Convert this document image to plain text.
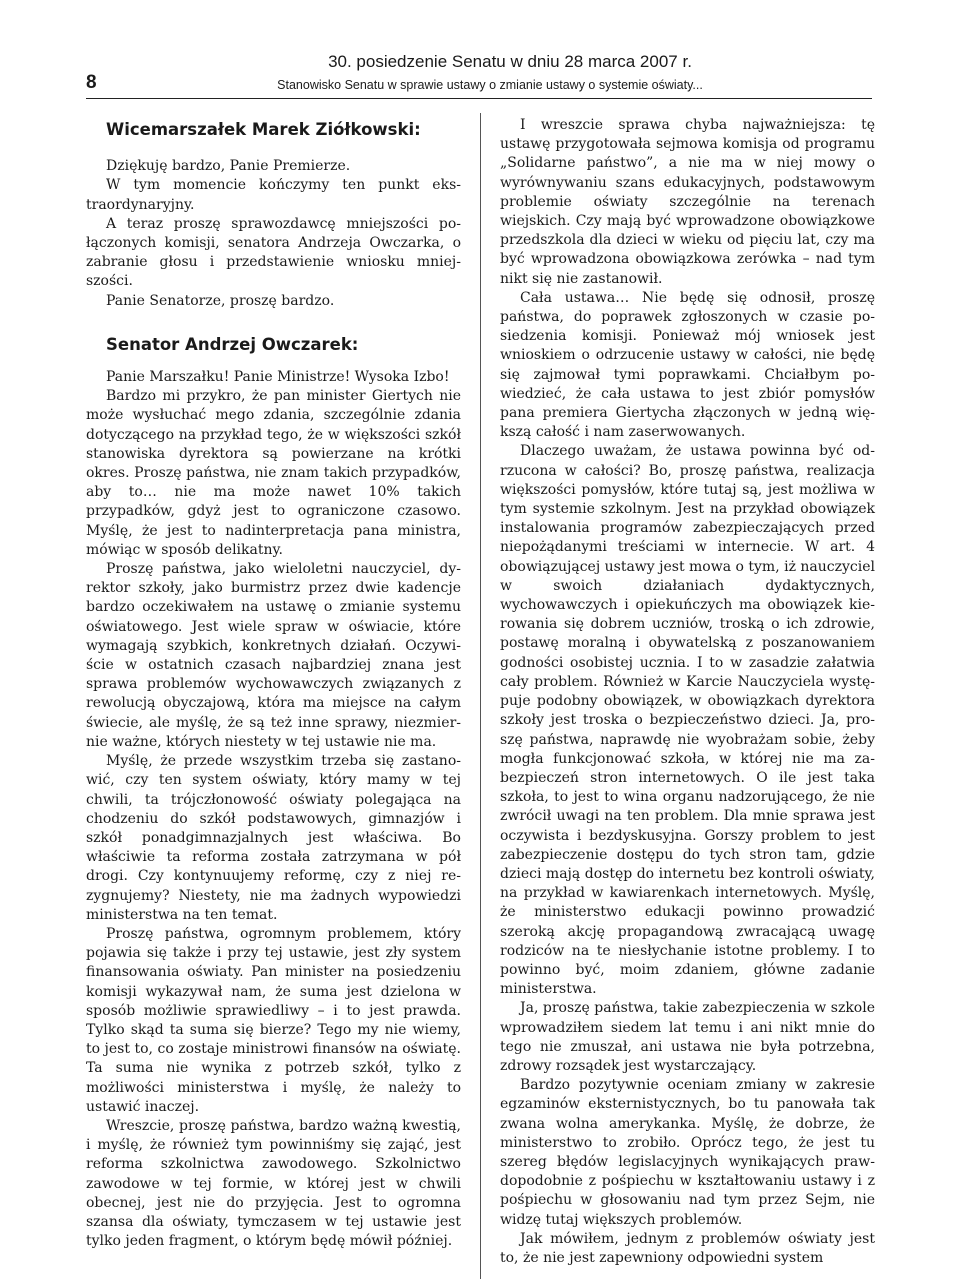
8
30. posiedzenie Senatu w dniu 28 marca 2007 r.
Stanowisko Senatu w sprawie ustawy o zmianie ustawy o systemie oświaty...
Wicemarszałek Marek Ziółkowski:

Dziękuję bardzo, Panie Premierze.

W tym momencie kończymy ten punkt ekstraordynaryjny.

A teraz proszę sprawozdawcę mniejszości połączonych komisji, senatora Andrzeja Owczarka, o zabranie głosu i przedstawienie wniosku mniejszości.

Panie Senatorze, proszę bardzo.

Senator Andrzej Owczarek:

Panie Marszałku! Panie Ministrze! Wysoka Izbo!

Bardzo mi przykro, że pan minister Giertych nie może wysłuchać mego zdania, szczególnie zdania dotyczącego na przykład tego, że w większości szkół stanowiska dyrektora są powierzane na krótki okres. Proszę państwa, nie znam takich przypadków, aby to… nie ma może nawet 10% takich przypadków, gdyż jest to ograniczone czasowo. Myślę, że jest to nadinterpretacja pana ministra, mówiąc w sposób delikatny.

Proszę państwa, jako wieloletni nauczyciel, dyrektor szkoły, jako burmistrz przez dwie kadencje bardzo oczekiwałem na ustawę o zmianie systemu oświatowego. Jest wiele spraw w oświacie, które wymagają szybkich, konkretnych działań. Oczywiście w ostatnich czasach najbardziej znana jest sprawa problemów wychowawczych związanych z rewolucją obyczajową, która ma miejsce na całym świecie, ale myślę, że są też inne sprawy, niezmiernie ważne, których niestety w tej ustawie nie ma.

Myślę, że przede wszystkim trzeba się zastanowić, czy ten system oświaty, który mamy w tej chwili, ta trójczłonowość oświaty polegająca na chodzeniu do szkół podstawowych, gimnazjów i szkół ponadgimnazjalnych jest właściwa. Bo właściwie ta reforma została zatrzymana w pół drogi. Czy kontynuujemy reformę, czy z niej rezygnujemy? Niestety, nie ma żadnych wypowiedzi ministerstwa na ten temat.

Proszę państwa, ogromnym problemem, który pojawia się także i przy tej ustawie, jest zły system finansowania oświaty. Pan minister na posiedzeniu komisji wykazywał nam, że suma jest dzielona w sposób możliwie sprawiedliwy – i to jest prawda. Tylko skąd ta suma się bierze? Tego my nie wiemy, to jest to, co zostaje ministrowi finansów na oświatę. Ta suma nie wynika z potrzeb szkół, tylko z możliwości ministerstwa i myślę, że należy to ustawić inaczej.

Wreszcie, proszę państwa, bardzo ważną kwestią, i myślę, że również tym powinniśmy się zająć, jest reforma szkolnictwa zawodowego. Szkolnictwo zawodowe w tej formie, w której jest w chwili obecnej, jest nie do przyjęcia. Jest to ogromna szansa dla oświaty, tymczasem w tej ustawie jest tylko jeden fragment, o którym będę mówił później.

I wreszcie sprawa chyba najważniejsza: tę ustawę przygotowała sejmowa komisja od programu „Solidarne państwo”, a nie ma w niej mowy o wyrównywaniu szans edukacyjnych, podstawowym problemie oświaty szczególnie na terenach wiejskich. Czy mają być wprowadzone obowiązkowe przedszkola dla dzieci w wieku od pięciu lat, czy ma być wprowadzona obowiązkowa zerówka – nad tym nikt się nie zastanowił.

Cała ustawa… Nie będę się odnosił, proszę państwa, do poprawek zgłoszonych w czasie posiedzenia komisji. Ponieważ mój wniosek jest wnioskiem o odrzucenie ustawy w całości, nie będę się zajmował tymi poprawkami. Chciałbym powiedzieć, że cała ustawa to jest zbiór pomysłów pana premiera Giertycha złączonych w jedną większą całość i nam zaserwowanych.

Dlaczego uważam, że ustawa powinna być odrzucona w całości? Bo, proszę państwa, realizacja większości pomysłów, które tutaj są, jest możliwa w tym systemie szkolnym. Jest na przykład obowiązek instalowania programów zabezpieczających przed niepożądanymi treściami w internecie. W art. 4 obowiązującej ustawy jest mowa o tym, iż nauczyciel w swoich działaniach dydaktycznych, wychowawczych i opiekuńczych ma obowiązek kierowania się dobrem uczniów, troską o ich zdrowie, postawę moralną i obywatelską z poszanowaniem godności osobistej ucznia. I to w zasadzie załatwia cały problem. Również w Karcie Nauczyciela występuje podobny obowiązek, w obowiązkach dyrektora szkoły jest troska o bezpieczeństwo dzieci. Ja, proszę państwa, naprawdę nie wyobrażam sobie, żeby mogła funkcjonować szkoła, w której nie ma zabezpieczeń stron internetowych. O ile jest taka szkoła, to jest to wina organu nadzorującego, że nie zwrócił uwagi na ten problem. Dla mnie sprawa jest oczywista i bezdyskusyjna. Gorszy problem to jest zabezpieczenie dostępu do tych stron tam, gdzie dzieci mają dostęp do internetu bez kontroli oświaty, na przykład w kawiarenkach internetowych. Myślę, że ministerstwo edukacji powinno prowadzić szeroką akcję propagandową zwracającą uwagę rodziców na te niesłychanie istotne problemy. I to powinno być, moim zdaniem, główne zadanie ministerstwa.

Ja, proszę państwa, takie zabezpieczenia w szkole wprowadziłem siedem lat temu i ani nikt mnie do tego nie zmuszał, ani ustawa nie była potrzebna, zdrowy rozsądek jest wystarczający.

Bardzo pozytywnie oceniam zmiany w zakresie egzaminów eksternistycznych, bo tu panowała tak zwana wolna amerykanka. Myślę, że dobrze, że ministerstwo to zrobiło. Oprócz tego, że jest tu szereg błędów legislacyjnych wynikających prawdopodobnie z pośpiechu w kształtowaniu ustawy i z pośpiechu w głosowaniu nad tym przez Sejm, nie widzę tutaj większych problemów.

Jak mówiłem, jednym z problemów oświaty jest to, że nie jest zapewniony odpowiedni system
